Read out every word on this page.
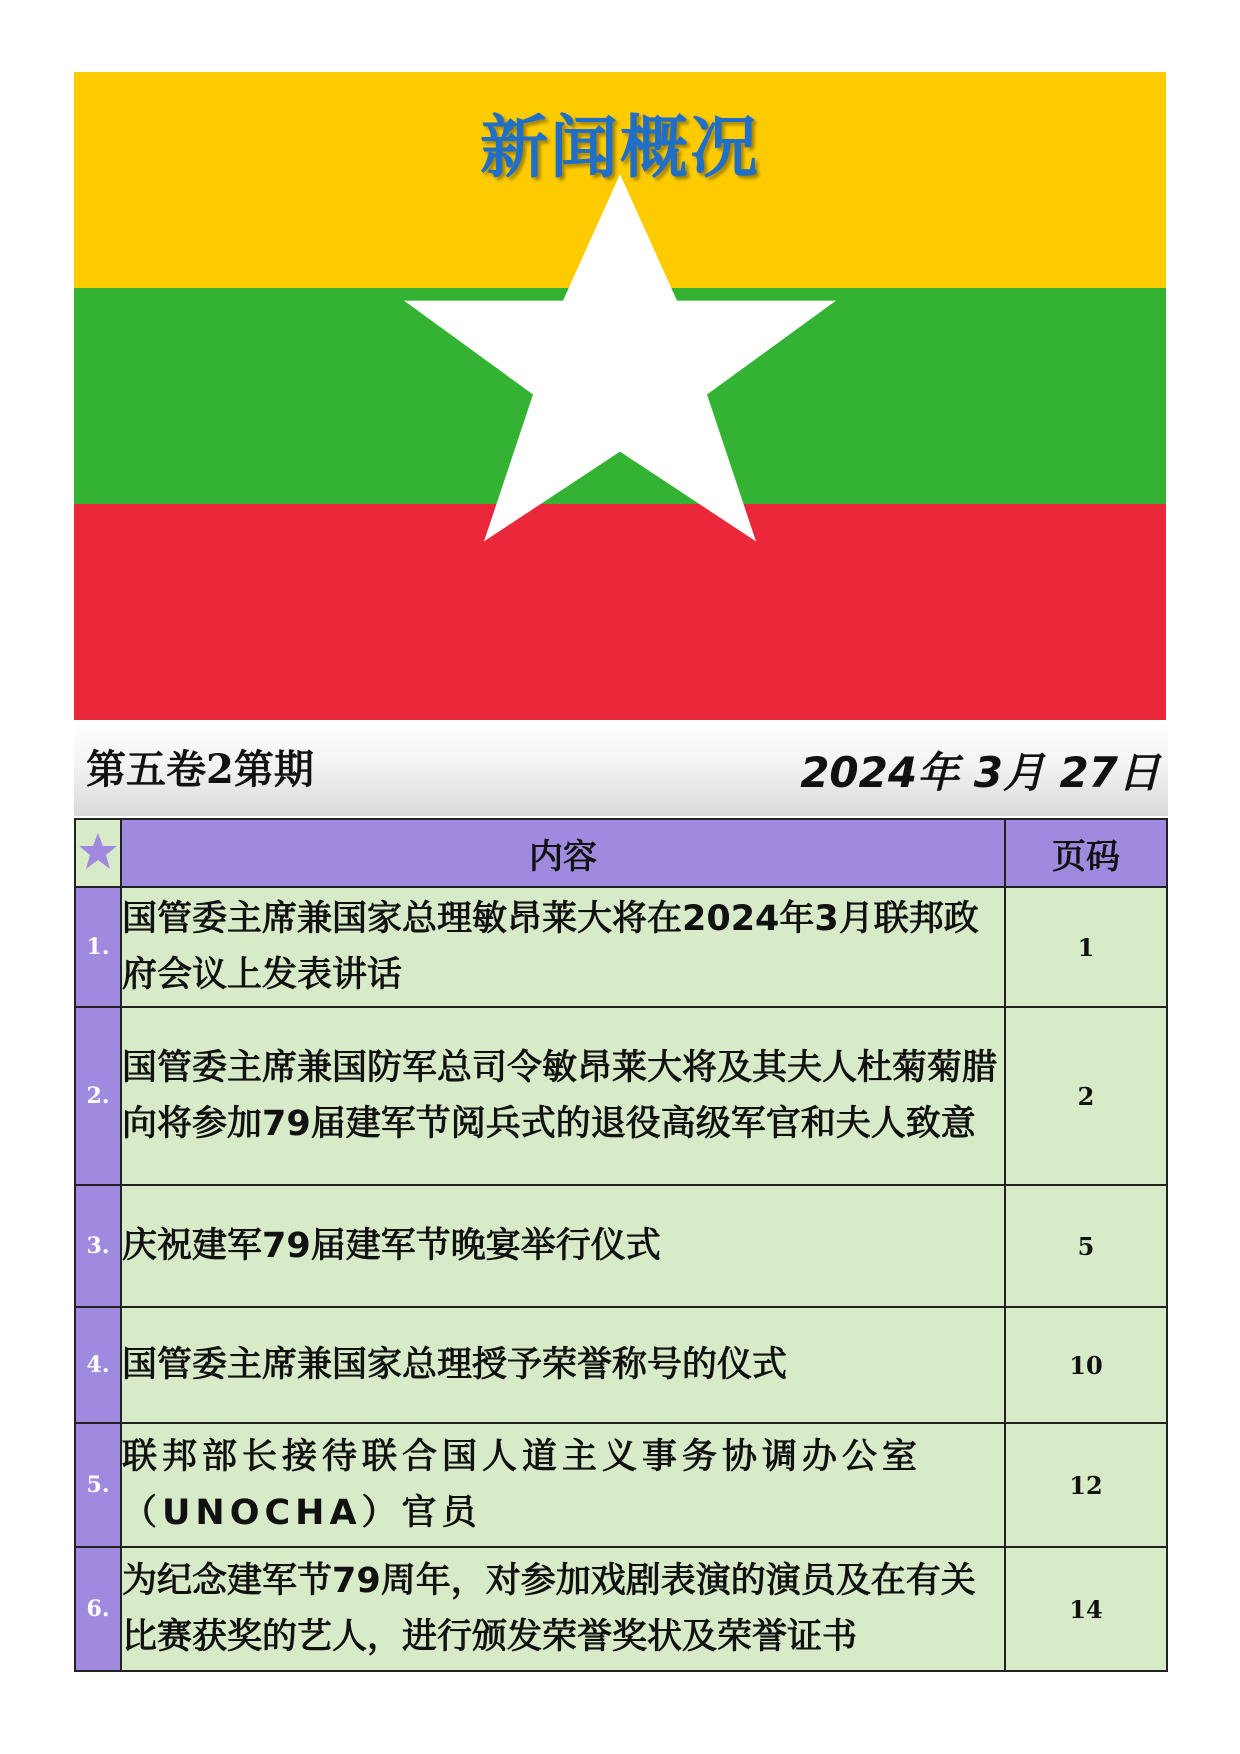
新闻概况
第五卷2第期	2024年 3月 27日
	内容	页码
1.	国管委主席兼国家总理敏昂莱大将在2024年3月联邦政府会议上发表讲话	1
2.	国管委主席兼国防军总司令敏昂莱大将及其夫人杜菊菊腊向将参加79届建军节阅兵式的退役高级军官和夫人致意	2
3.	庆祝建军79届建军节晚宴举行仪式	5
4.	国管委主席兼国家总理授予荣誉称号的仪式	10
5.	联邦部长接待联合国人道主义事务协调办公室（UNOCHA）官员	12
6.	为纪念建军节79周年，对参加戏剧表演的演员及在有关比赛获奖的艺人，进行颁发荣誉奖状及荣誉证书	14
